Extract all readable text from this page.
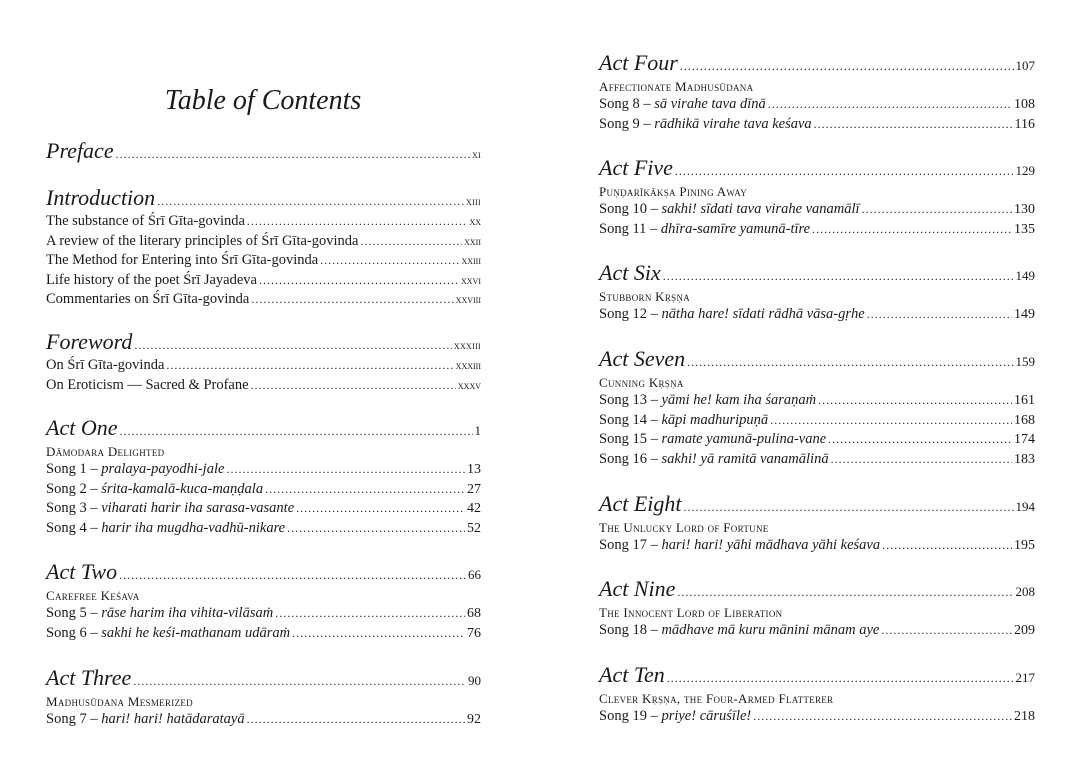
Table of Contents
Preface .....	xi
Introduction .....	xiii
The substance of Śrī Gīta-govinda .....	xx
A review of the literary principles of Śrī Gīta-govinda .....	xxii
The Method for Entering into Śrī Gīta-govinda .....	xxiii
Life history of the poet Śrī Jayadeva .....	xxvi
Commentaries on Śrī Gīta-govinda .....	xxviii
Foreword .....	xxxiii
On Śrī Gīta-govinda .....	xxxiii
On Eroticism — Sacred & Profane .....	xxxv
Act One .....	1
Dāmodara Delighted
Song 1 – pralaya-payodhi-jale .....	13
Song 2 – śrita-kamalā-kuca-maṇḍala .....	27
Song 3 – viharati harir iha sarasa-vasante .....	42
Song 4 – harir iha mugdha-vadhū-nikare .....	52
Act Two .....	66
Carefree Keśava
Song 5 – rāse harim iha vihita-vilāsaṁ .....	68
Song 6 – sakhi he keśi-mathanam udāraṁ .....	76
Act Three .....	90
Madhusūdana Mesmerized
Song 7 – hari! hari! hatādaratayā .....	92
Act Four .....	107
Affectionate Madhusūdana
Song 8 – sā virahe tava dīnā .....	108
Song 9 – rādhikā virahe tava keśava .....	116
Act Five .....	129
Puṇḍarīkākṣa Pining Away
Song 10 – sakhi! sīdati tava virahe vanamālī .....	130
Song 11 – dhīra-samīre yamunā-tīre .....	135
Act Six .....	149
Stubborn Kṛṣṇa
Song 12 – nātha hare! sīdati rādhā vāsa-gṛhe .....	149
Act Seven .....	159
Cunning Kṛṣṇa
Song 13 – yāmi he! kam iha śaraṇaṁ .....	161
Song 14 – kāpi madhuripuṇā .....	168
Song 15 – ramate yamunā-pulina-vane .....	174
Song 16 – sakhi! yā ramitā vanamālinā .....	183
Act Eight .....	194
The Unlucky Lord of Fortune
Song 17 – hari! hari! yāhi mādhava yāhi keśava .....	195
Act Nine .....	208
The Innocent Lord of Liberation
Song 18 – mādhave mā kuru mānini mānam aye .....	209
Act Ten .....	217
Clever Kṛṣṇa, the Four-Armed Flatterer
Song 19 – priye! cāruśīle! .....	218
